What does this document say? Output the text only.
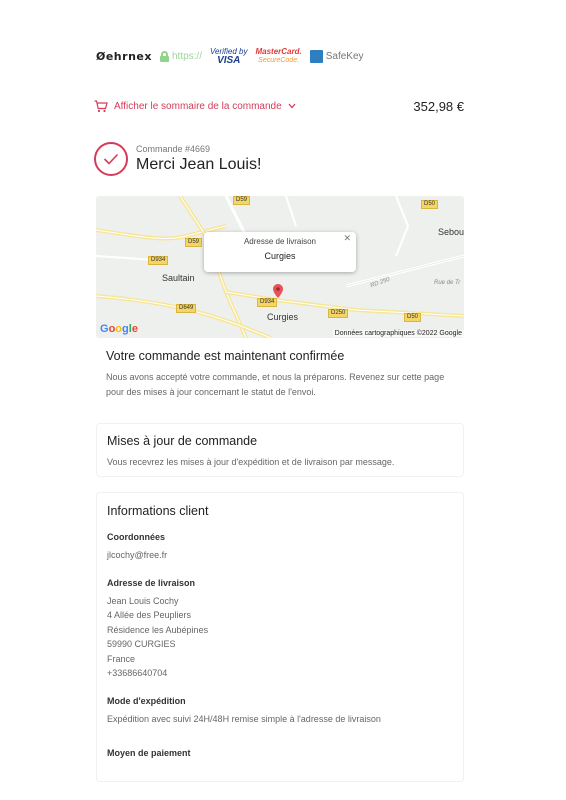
Øehrnex https:// Verified by
VISA
MasterCard.
SecureCode.	SafeKey
Afficher le sommaire de la commande	352,98 €
Commande #4669
Merci Jean Louis!
D59
D50
D59
D934
D649
D934
D250
D50
RD 250
Saultain
Curgies
Sebou
Rue de Tr
✕
Adresse de livraison
Curgies
Google	Données cartographiques ©2022 Google
Votre commande est maintenant confirmée
Nous avons accepté votre commande, et nous la préparons. Revenez sur cette page pour des mises à jour concernant le statut de l'envoi.
Mises à jour de commande
Vous recevrez les mises à jour d'expédition et de livraison par message.
Informations client
Coordonnées
jlcochy@free.fr
Adresse de livraison
Jean Louis Cochy
4 Allée des Peupliers
Résidence les Aubépines
59990 CURGIES
France
+33686640704
Mode d'expédition
Expédition avec suivi 24H/48H remise simple à l'adresse de livraison
Moyen de paiement
